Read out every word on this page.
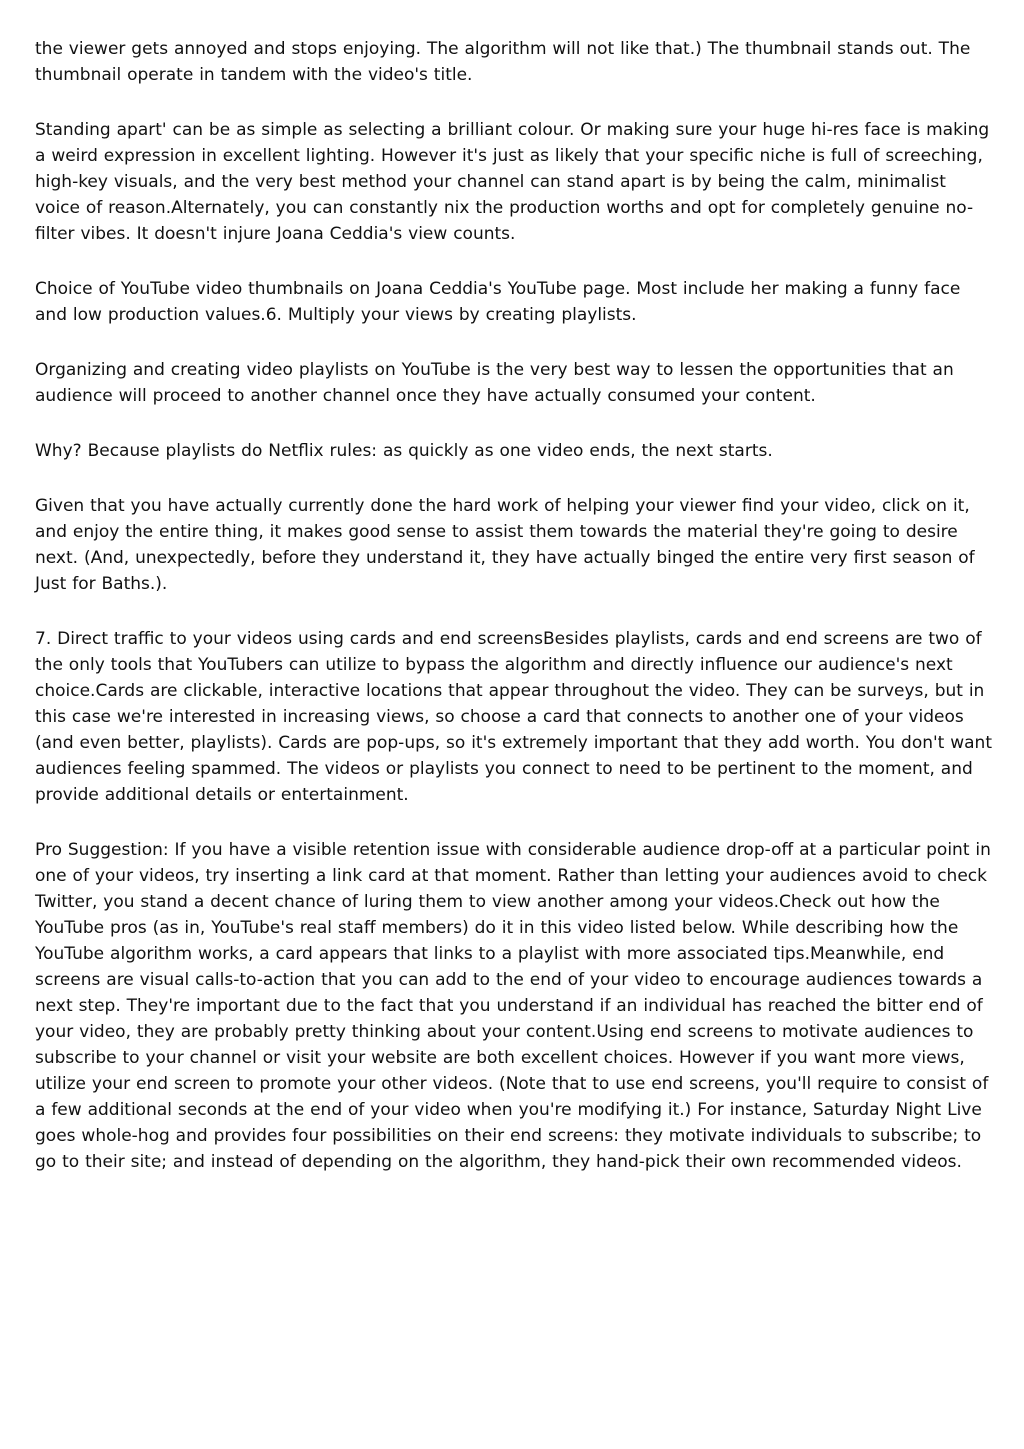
the viewer gets annoyed and stops enjoying. The algorithm will not like that.) The thumbnail stands out. The thumbnail operate in tandem with the video's title.

Standing apart' can be as simple as selecting a brilliant colour. Or making sure your huge hi-res face is making a weird expression in excellent lighting. However it's just as likely that your specific niche is full of screeching, high-key visuals, and the very best method your channel can stand apart is by being the calm, minimalist voice of reason.Alternately, you can constantly nix the production worths and opt for completely genuine no-filter vibes. It doesn't injure Joana Ceddia's view counts.

Choice of YouTube video thumbnails on Joana Ceddia's YouTube page. Most include her making a funny face and low production values.6. Multiply your views by creating playlists.

Organizing and creating video playlists on YouTube is the very best way to lessen the opportunities that an audience will proceed to another channel once they have actually consumed your content.

Why? Because playlists do Netflix rules: as quickly as one video ends, the next starts.

Given that you have actually currently done the hard work of helping your viewer find your video, click on it, and enjoy the entire thing, it makes good sense to assist them towards the material they're going to desire next. (And, unexpectedly, before they understand it, they have actually binged the entire very first season of Just for Baths.).

7. Direct traffic to your videos using cards and end screensBesides playlists, cards and end screens are two of the only tools that YouTubers can utilize to bypass the algorithm and directly influence our audience's next choice.Cards are clickable, interactive locations that appear throughout the video. They can be surveys, but in this case we're interested in increasing views, so choose a card that connects to another one of your videos (and even better, playlists). Cards are pop-ups, so it's extremely important that they add worth. You don't want audiences feeling spammed. The videos or playlists you connect to need to be pertinent to the moment, and provide additional details or entertainment.

Pro Suggestion: If you have a visible retention issue with considerable audience drop-off at a particular point in one of your videos, try inserting a link card at that moment. Rather than letting your audiences avoid to check Twitter, you stand a decent chance of luring them to view another among your videos.Check out how the YouTube pros (as in, YouTube's real staff members) do it in this video listed below. While describing how the YouTube algorithm works, a card appears that links to a playlist with more associated tips.Meanwhile, end screens are visual calls-to-action that you can add to the end of your video to encourage audiences towards a next step. They're important due to the fact that you understand if an individual has reached the bitter end of your video, they are probably pretty thinking about your content.Using end screens to motivate audiences to subscribe to your channel or visit your website are both excellent choices. However if you want more views, utilize your end screen to promote your other videos. (Note that to use end screens, you'll require to consist of a few additional seconds at the end of your video when you're modifying it.) For instance, Saturday Night Live goes whole-hog and provides four possibilities on their end screens: they motivate individuals to subscribe; to go to their site; and instead of depending on the algorithm, they hand-pick their own recommended videos.
